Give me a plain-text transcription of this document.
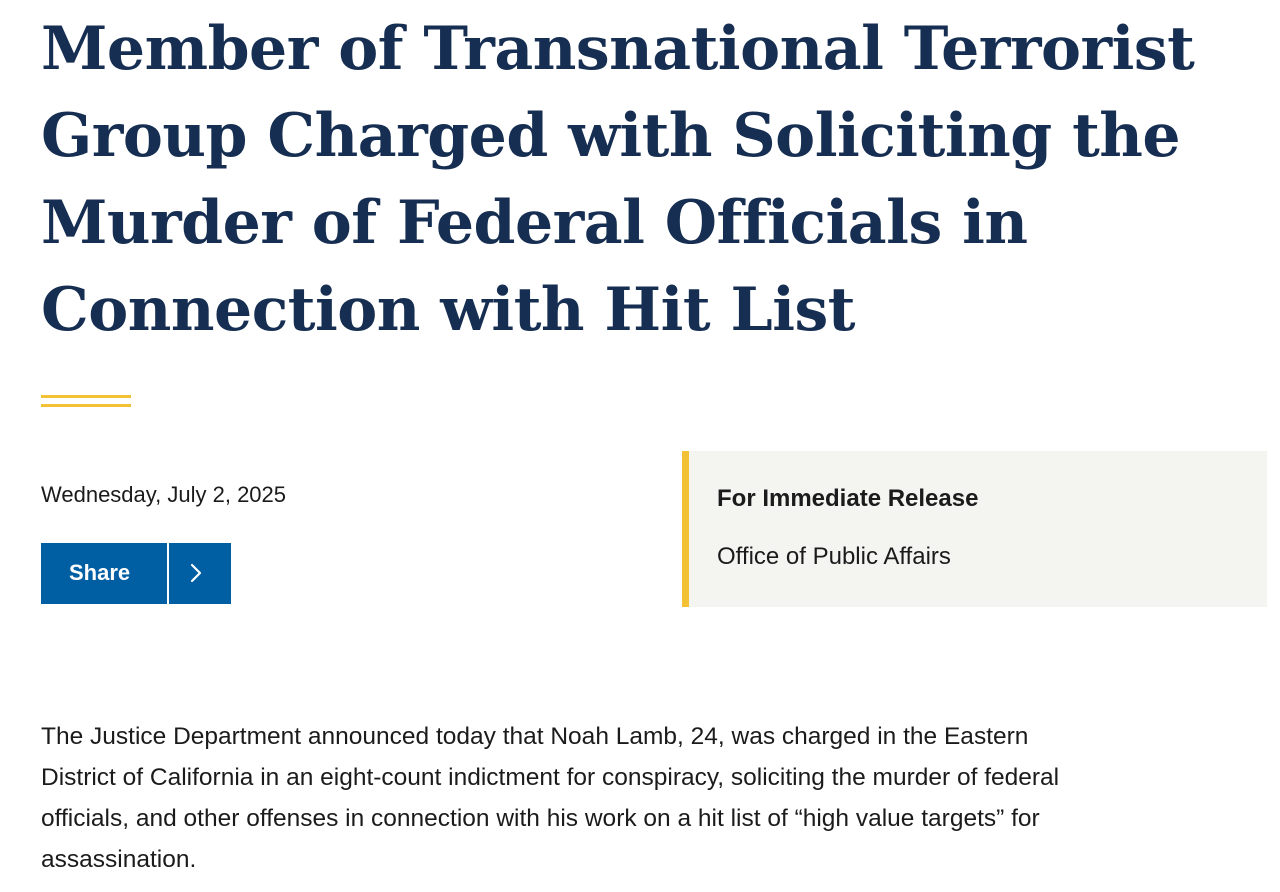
Member of Transnational Terrorist
Group Charged with Soliciting the
Murder of Federal Officials in
Connection with Hit List
Wednesday, July 2, 2025
Share
For Immediate Release
Office of Public Affairs

The Justice Department announced today that Noah Lamb, 24, was charged in the Eastern
District of California in an eight-count indictment for conspiracy, soliciting the murder of federal
officials, and other offenses in connection with his work on a hit list of “high value targets” for
assassination.
